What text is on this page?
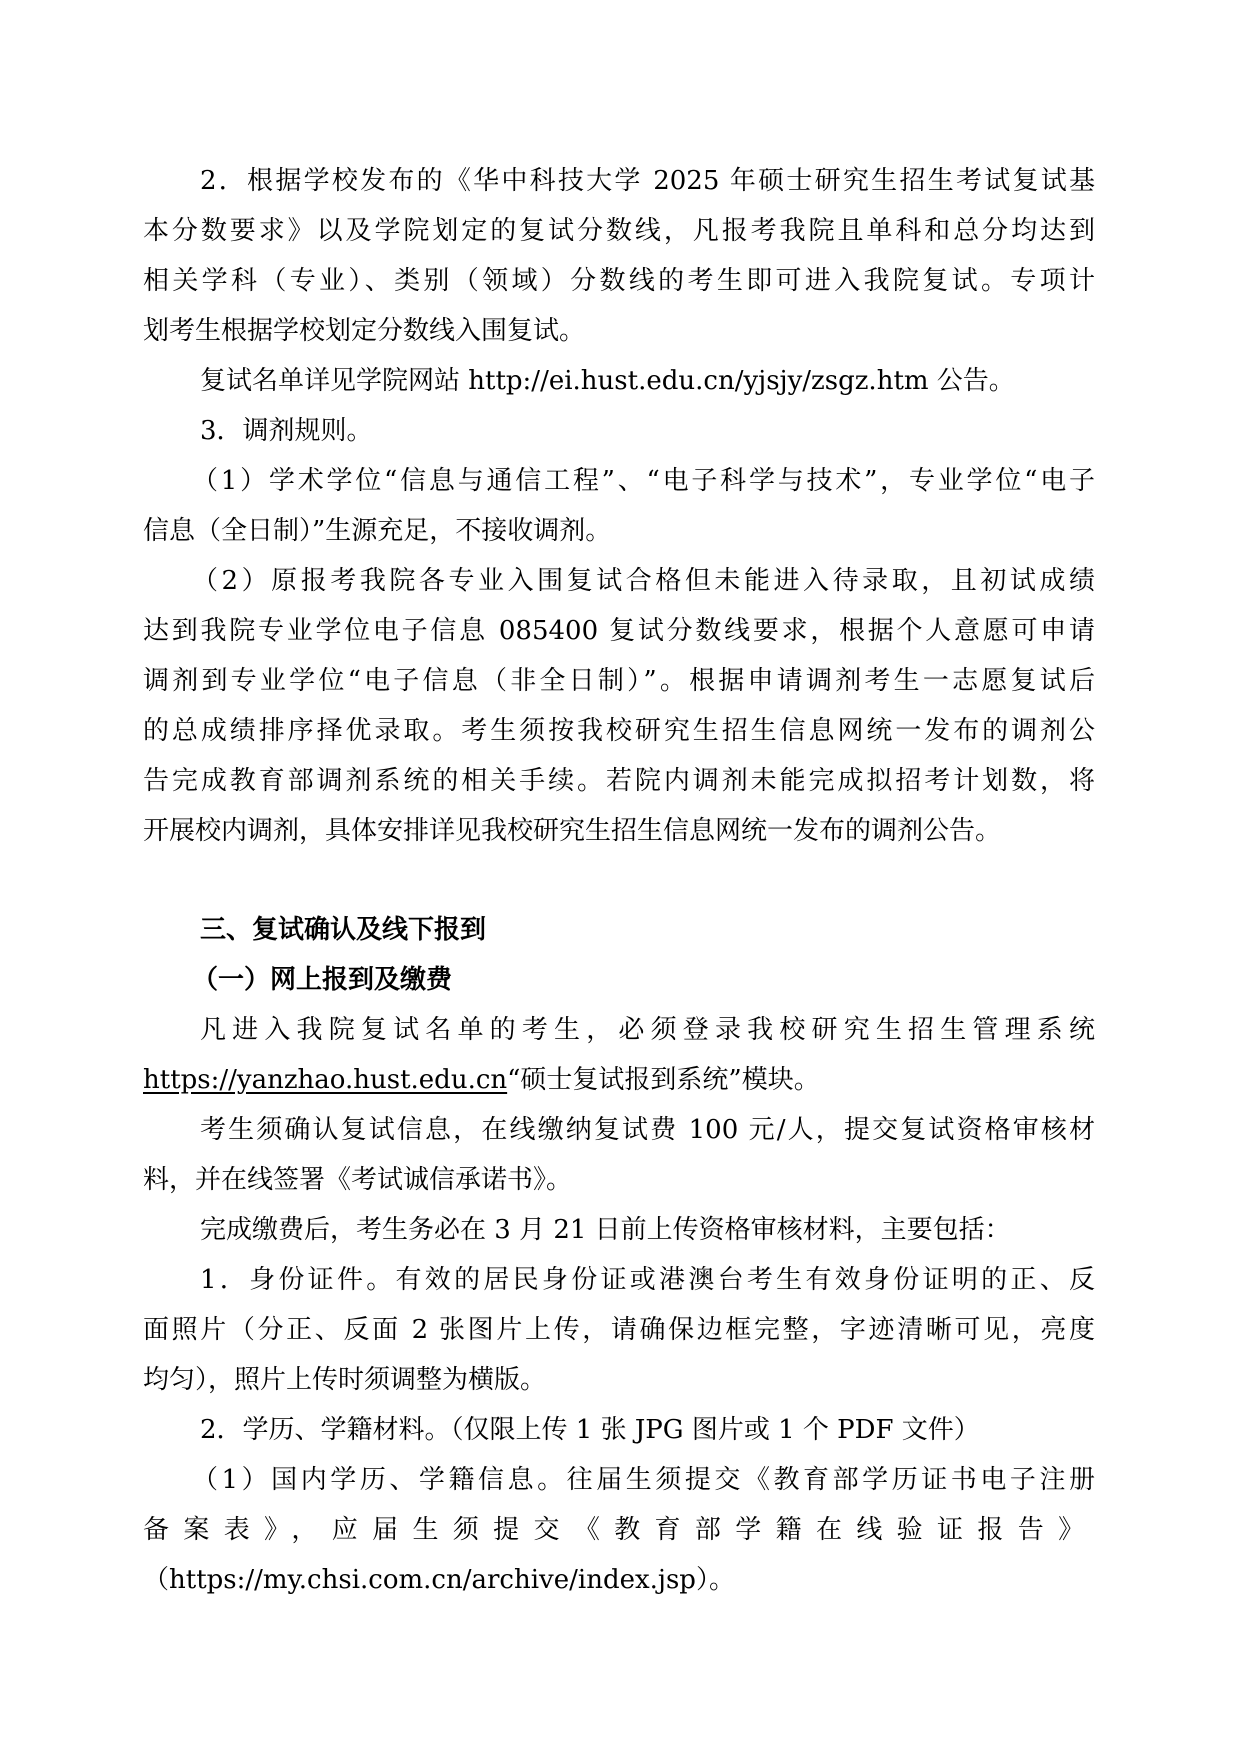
2．根据学校发布的《华中科技大学 2025 年硕士研究生招生考试复试基
本分数要求》以及学院划定的复试分数线，凡报考我院且单科和总分均达到
相关学科（专业）、类别（领域）分数线的考生即可进入我院复试。专项计
划考生根据学校划定分数线入围复试。
复试名单详见学院网站 http://ei.hust.edu.cn/yjsjy/zsgz.htm 公告。
3．调剂规则。
（1）学术学位“信息与通信工程”、“电子科学与技术”，专业学位“电子
信息（全日制）”生源充足，不接收调剂。
（2）原报考我院各专业入围复试合格但未能进入待录取，且初试成绩
达到我院专业学位电子信息 085400 复试分数线要求，根据个人意愿可申请
调剂到专业学位“电子信息（非全日制）”。根据申请调剂考生一志愿复试后
的总成绩排序择优录取。考生须按我校研究生招生信息网统一发布的调剂公
告完成教育部调剂系统的相关手续。若院内调剂未能完成拟招考计划数，将
开展校内调剂，具体安排详见我校研究生招生信息网统一发布的调剂公告。
三、复试确认及线下报到
（一）网上报到及缴费
凡进入我院复试名单的考生，必须登录我校研究生招生管理系统
https://yanzhao.hust.edu.cn“硕士复试报到系统”模块。
考生须确认复试信息，在线缴纳复试费 100 元/人，提交复试资格审核材
料，并在线签署《考试诚信承诺书》。
完成缴费后，考生务必在 3 月 21 日前上传资格审核材料，主要包括：
1．身份证件。有效的居民身份证或港澳台考生有效身份证明的正、反
面照片（分正、反面 2 张图片上传，请确保边框完整，字迹清晰可见，亮度
均匀），照片上传时须调整为横版。
2．学历、学籍材料。（仅限上传 1 张 JPG 图片或 1 个 PDF 文件）
（1）国内学历、学籍信息。往届生须提交《教育部学历证书电子注册
备案表》，应届生须提交《教育部学籍在线验证报告》
（https://my.chsi.com.cn/archive/index.jsp）。
